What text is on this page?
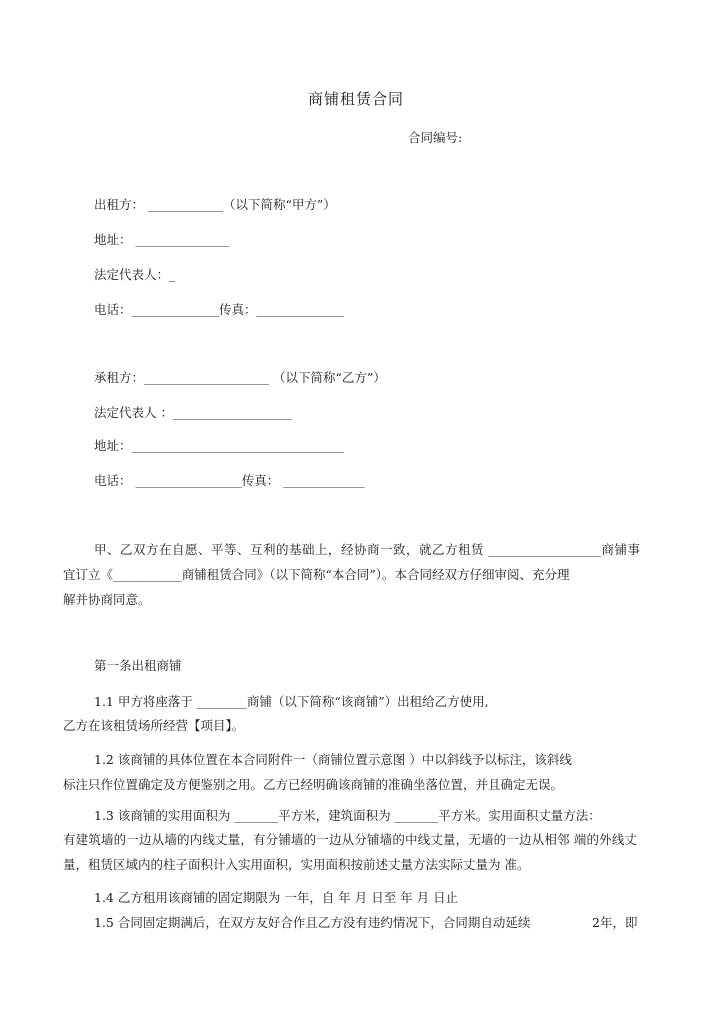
商铺租赁合同
合同编号:
出租方： ____________（以下简称“甲方”）
地址： _______________
法定代表人：_
电话：______________传真：______________
承租方：____________________ （以下简称“乙方”）
法定代表人 ：___________________
地址：__________________________________
电话： _________________传真： _____________
甲、乙双方在自愿、平等、互利的基础上，经协商一致，就乙方租赁 __________________商铺事
宜订立《___________商铺租赁合同》（以下简称“本合同”）。本合同经双方仔细审阅、充分理
解并协商同意。
第一条出租商铺
1.1 甲方将座落于 ________商铺（以下简称“该商铺”）出租给乙方使用,
乙方在该租赁场所经营【项目】。
1.2 该商铺的具体位置在本合同附件一（商铺位置示意图 ）中以斜线予以标注，该斜线
标注只作位置确定及方便鉴别之用。乙方已经明确该商铺的准确坐落位置，并且确定无误。
1.3 该商铺的实用面积为 _______平方米，建筑面积为 _______平方米。实用面积丈量方法：
有建筑墙的一边从墙的内线丈量，有分铺墙的一边从分铺墙的中线丈量，无墙的一边从相邻 端的外线丈
量，租赁区域内的柱子面积计入实用面积，实用面积按前述丈量方法实际丈量为 准。
1.4 乙方租用该商铺的固定期限为 一年，自 年 月 日至 年 月 日止
1.5 合同固定期满后，在双方友好合作且乙方没有违约情况下，合同期自动延续	2年，即
